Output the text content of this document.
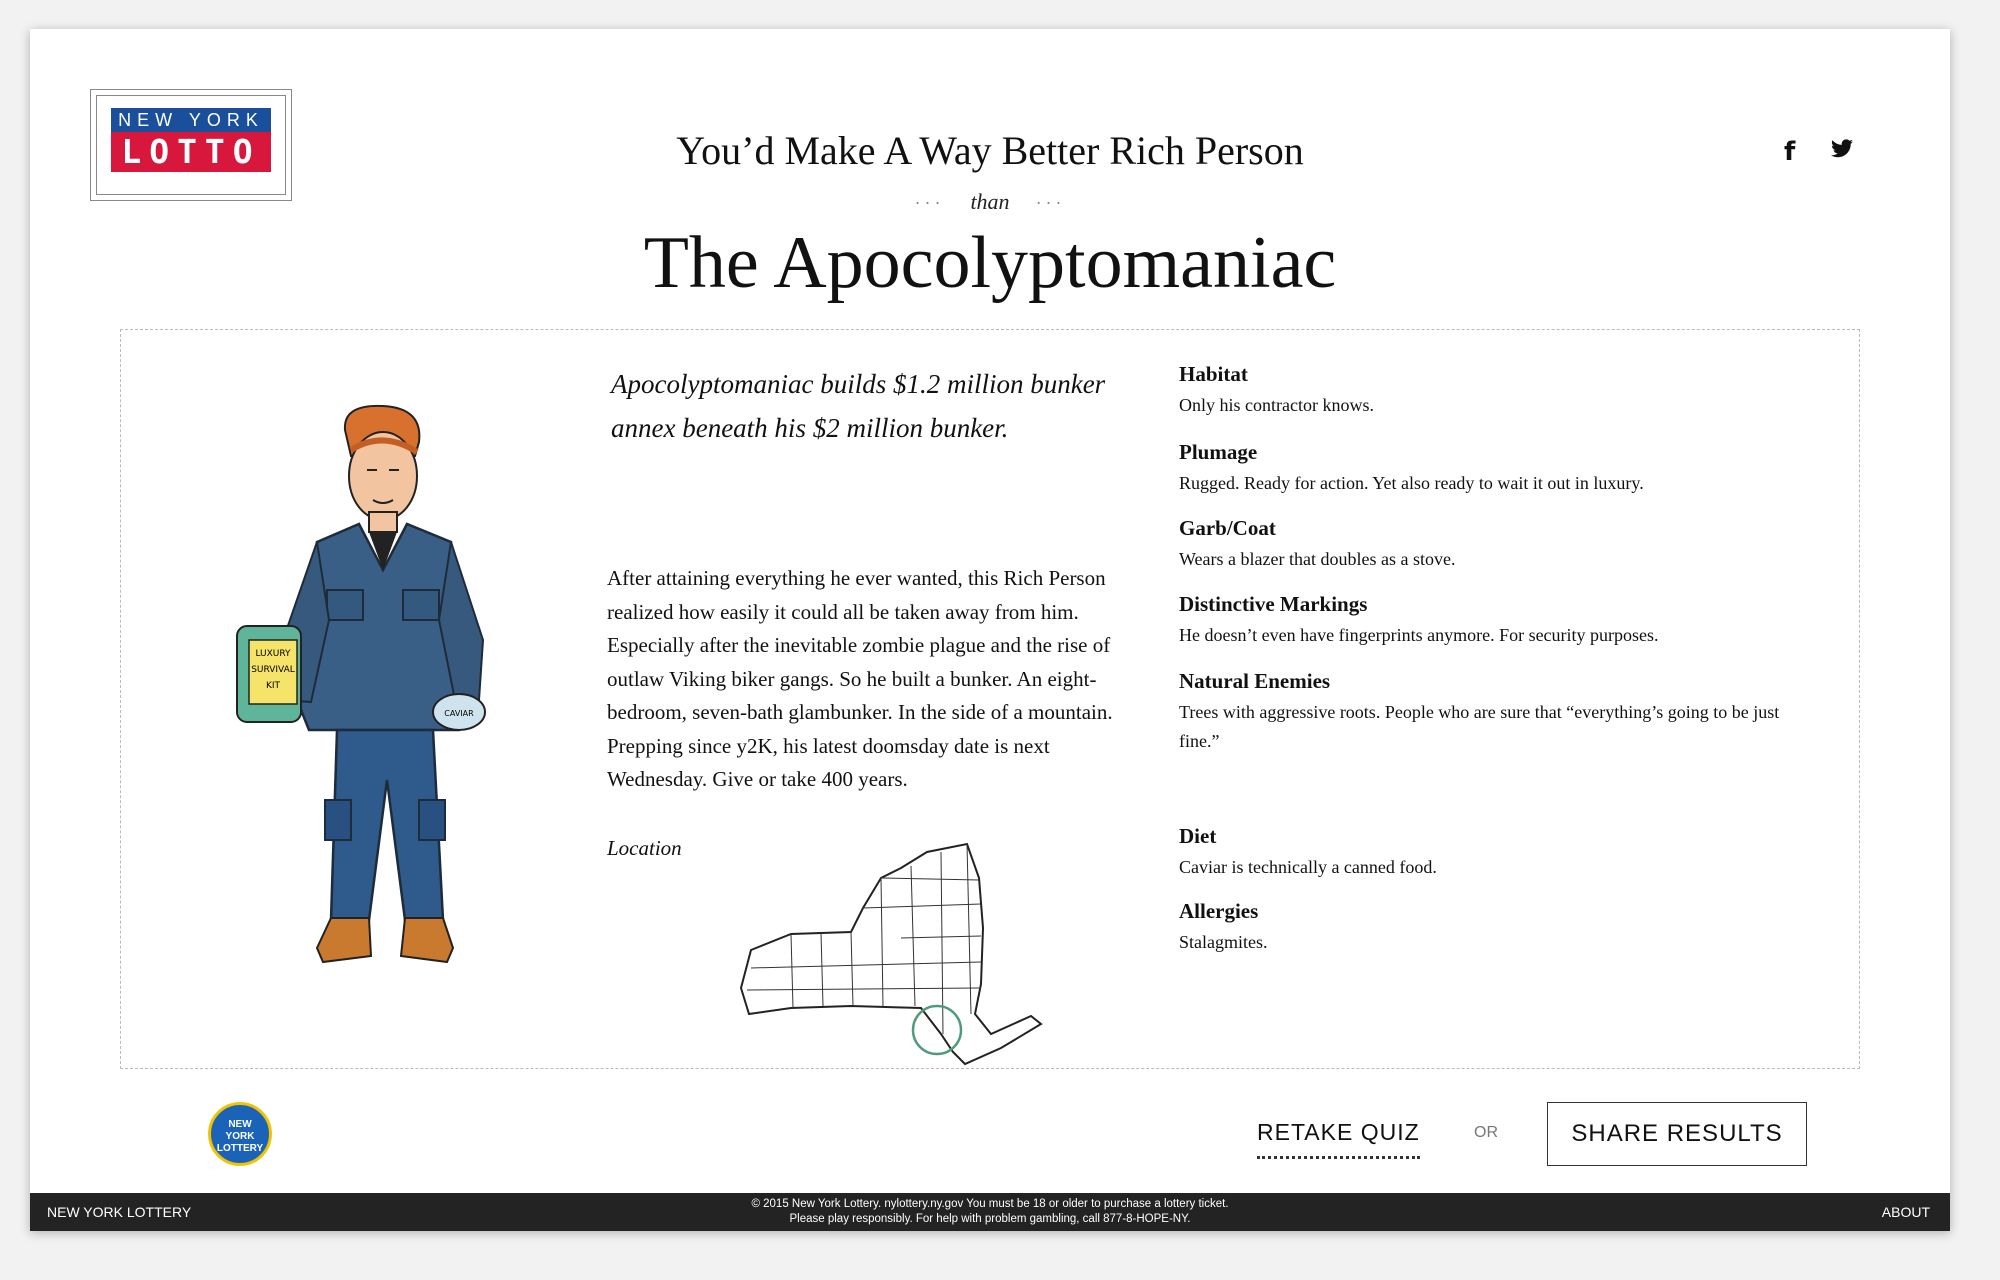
NEW YORK
LOTTO	You’d Make A Way Better Rich Person
··· than ···
The Apocolyptomaniac
f
LUXURY
SURVIVAL
KIT
CAVIAR
Apocolyptomaniac builds $1.2 million bunker annex beneath his $2 million bunker.
After attaining everything he ever wanted, this Rich Person realized how easily it could all be taken away from him. Especially after the inevitable zombie plague and the rise of outlaw Viking biker gangs. So he built a bunker. An eight-bedroom, seven-bath glambunker. In the side of a mountain. Prepping since y2K, his latest doomsday date is next Wednesday. Give or take 400 years.
Location
Habitat
Only his contractor knows.
Plumage
Rugged. Ready for action. Yet also ready to wait it out in luxury.
Garb/Coat
Wears a blazer that doubles as a stove.
Distinctive Markings
He doesn’t even have fingerprints anymore. For security purposes.
Natural Enemies
Trees with aggressive roots. People who are sure that “everything’s going to be just fine.”
Diet
Caviar is technically a canned food.
Allergies
Stalagmites.
NEW
YORK
LOTTERY
RETAKE QUIZ	OR	SHARE RESULTS
NEW YORK LOTTERY	© 2015 New York Lottery. nylottery.ny.gov You must be 18 or older to purchase a lottery ticket.
Please play responsibly. For help with problem gambling, call 877-8-HOPE-NY.	ABOUT
